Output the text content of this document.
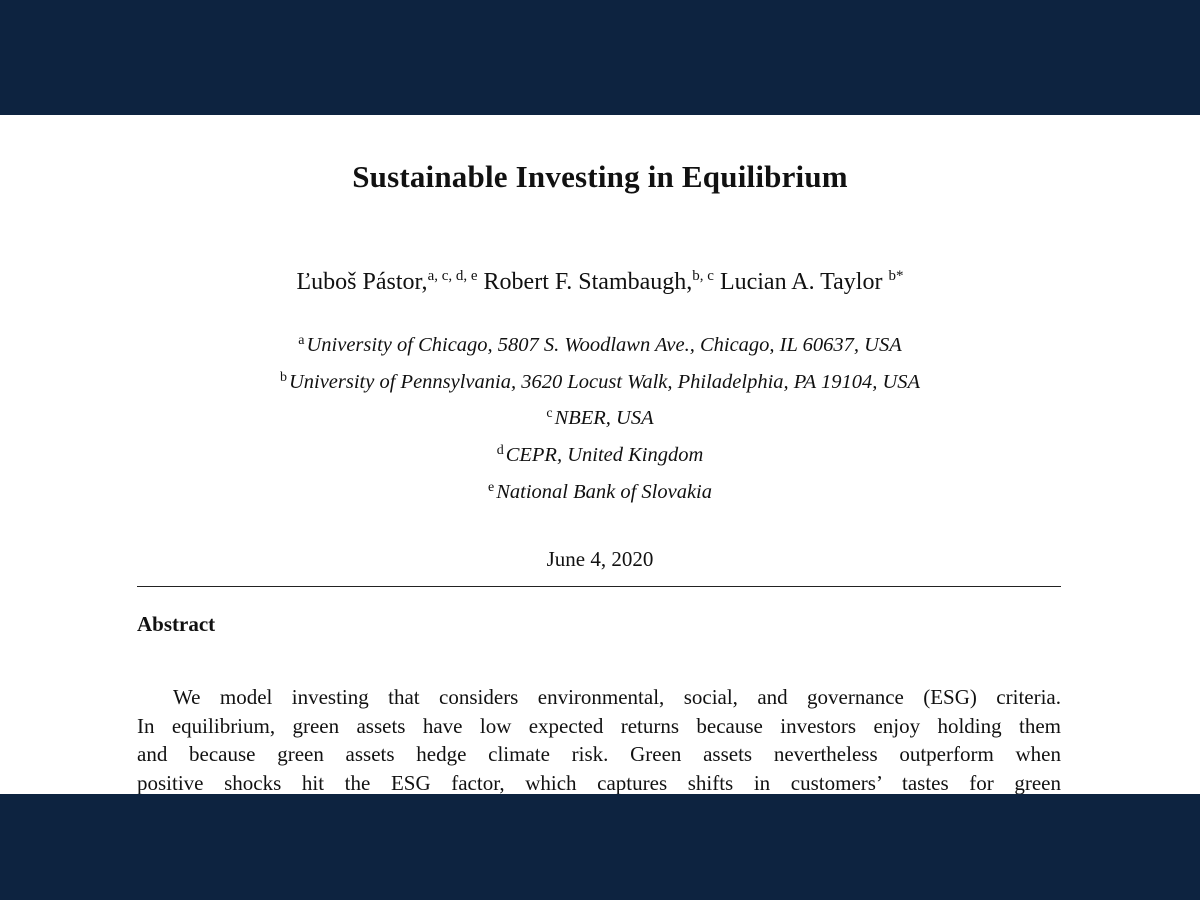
Sustainable Investing in Equilibrium
Ľuboš Pástor,$^{a, c, d, e}$ Robert F. Stambaugh,$^{b, c}$ Lucian A. Taylor $^{b*}$
$^a$University of Chicago, 5807 S. Woodlawn Ave., Chicago, IL 60637, USA
$^b$University of Pennsylvania, 3620 Locust Walk, Philadelphia, PA 19104, USA
$^c$NBER, USA
$^d$CEPR, United Kingdom
$^e$National Bank of Slovakia
June 4, 2020
Abstract
We model investing that considers environmental, social, and governance (ESG) criteria.
In equilibrium, green assets have low expected returns because investors enjoy holding them
and because green assets hedge climate risk. Green assets nevertheless outperform when
positive shocks hit the ESG factor, which captures shifts in customers’ tastes for green
